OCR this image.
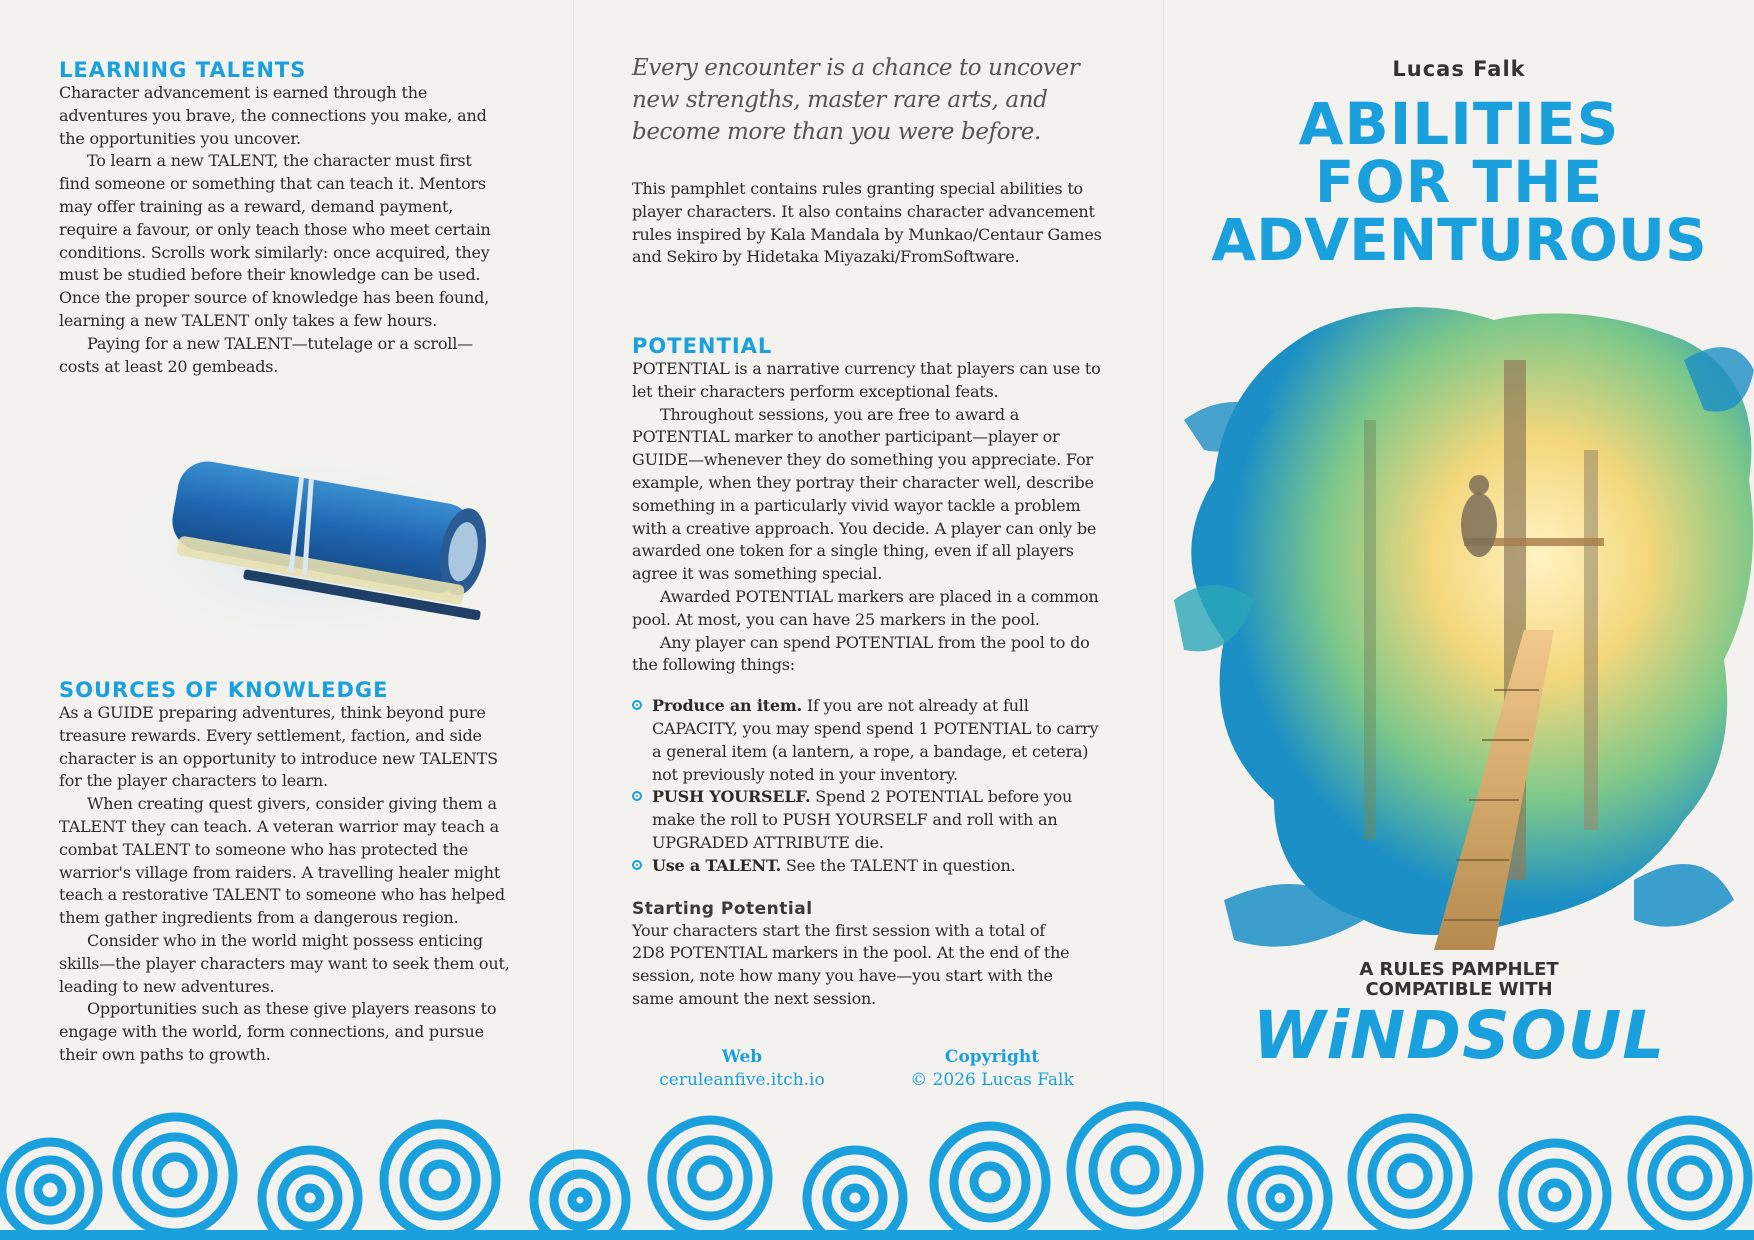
LEARNING TALENTS

Character advancement is earned through the adventures you brave, the connections you make, and the opportunities you uncover.

To learn a new TALENT, the character must first find someone or something that can teach it. Mentors may offer training as a reward, demand payment, require a favour, or only teach those who meet certain conditions. Scrolls work similarly: once acquired, they must be studied before their knowledge can be used. Once the proper source of knowledge has been found, learning a new TALENT only takes a few hours.

Paying for a new TALENT—tutelage or a scroll—costs at least 20 gembeads.

SOURCES OF KNOWLEDGE

As a GUIDE preparing adventures, think beyond pure treasure rewards. Every settlement, faction, and side character is an opportunity to introduce new TALENTS for the player characters to learn.

When creating quest givers, consider giving them a TALENT they can teach. A veteran warrior may teach a combat TALENT to someone who has protected the warrior's village from raiders. A travelling healer might teach a restorative TALENT to someone who has helped them gather ingredients from a dangerous region.

Consider who in the world might possess enticing skills—the player characters may want to seek them out, leading to new adventures.

Opportunities such as these give players reasons to engage with the world, form connections, and pursue their own paths to growth.

Every encounter is a chance to uncover new strengths, master rare arts, and become more than you were before.

This pamphlet contains rules granting special abilities to player characters. It also contains character advancement rules inspired by Kala Mandala by Munkao/Centaur Games and Sekiro by Hidetaka Miyazaki/FromSoftware.

POTENTIAL

POTENTIAL is a narrative currency that players can use to let their characters perform exceptional feats.

Throughout sessions, you are free to award a POTENTIAL marker to another participant—player or GUIDE—whenever they do something you appreciate. For example, when they portray their character well, describe something in a particularly vivid wayor tackle a problem with a creative approach. You decide. A player can only be awarded one token for a single thing, even if all players agree it was something special.

Awarded POTENTIAL markers are placed in a common pool. At most, you can have 25 markers in the pool.

Any player can spend POTENTIAL from the pool to do the following things:

Produce an item. If you are not already at full CAPACITY, you may spend spend 1 POTENTIAL to carry a general item (a lantern, a rope, a bandage, et cetera) not previously noted in your inventory.
PUSH YOURSELF. Spend 2 POTENTIAL before you make the roll to PUSH YOURSELF and roll with an UPGRADED ATTRIBUTE die.
Use a TALENT. See the TALENT in question.
Starting Potential

Your characters start the first session with a total of 2D8 POTENTIAL markers in the pool. At the end of the session, note how many you have—you start with the same amount the next session.

Web
ceruleanfive.itch.io
Copyright
© 2026 Lucas Falk
Lucas Falk
ABILITIES
FOR THE
ADVENTUROUS
A RULES PAMPHLET
COMPATIBLE WITH
WiNDSOUL
